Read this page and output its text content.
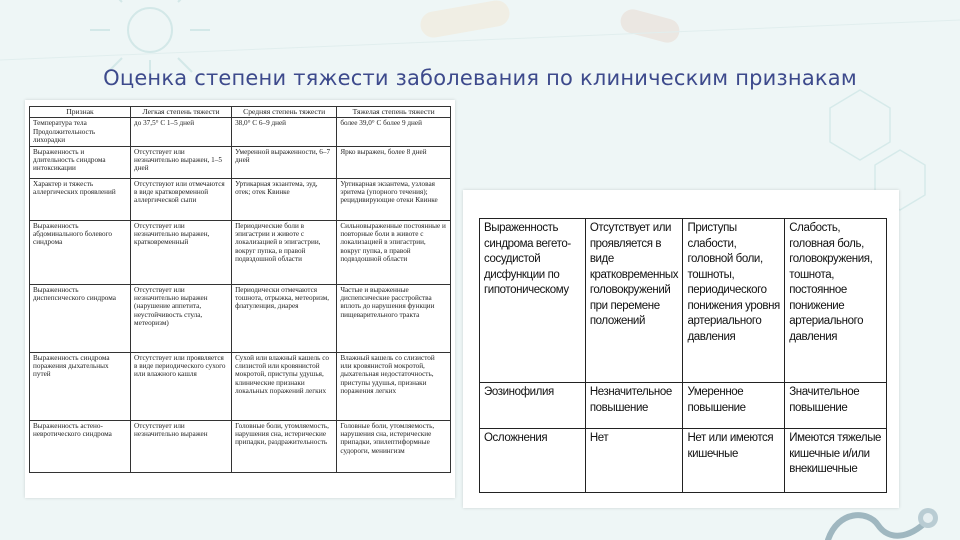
Оценка степени тяжести заболевания по клиническим признакам
Признак	Легкая степень тяжести	Средняя степень тяжести	Тяжелая степень тяжести
Температура тела Продолжительность лихорадки	до 37,5° С 1–5 дней	38,0° С 6–9 дней	более 39,0° С более 9 дней
Выраженность и длительность синдрома интоксикации	Отсутствует или незначительно выражен, 1–5 дней	Умеренной выраженности, 6–7 дней	Ярко выражен, более 8 дней
Характер и тяжесть аллергических проявлений	Отсутствуют или отмечаются в виде кратковременной аллергической сыпи	Уртикарная экзантема, зуд, отек; отек Квинке	Уртикарная экзантема, узловая эритема (упорного течения); рецидивирующие отеки Квинке
Выраженность абдоминального болевого синдрома	Отсутствует или незначительно выражен, кратковременный	Периодические боли в эпигастрии и животе с локализацией в эпигастрии, вокруг пупка, в правой подвздошной области	Сильновыраженные постоянные и повторные боли в животе с локализацией в эпигастрии, вокруг пупка, в правой подвздошной области
Выраженность диспепсического синдрома	Отсутствует или незначительно выражен (нарушение аппетита, неустойчивость стула, метеоризм)	Периодически отмечаются тошнота, отрыжка, метеоризм, флатуленция, диарея	Частые и выраженные диспепсические расстройства вплоть до нарушения функции пищеварительного тракта
Выраженность синдрома поражения дыхательных путей	Отсутствует или проявляется в виде периодического сухого или влажного кашля	Сухой или влажный кашель со слизистой или кровянистой мокротой, приступы удушья, клинические признаки локальных поражений легких	Влажный кашель со слизистой или кровянистой мокротой, дыхательная недостаточность, приступы удушья, признаки поражения легких
Выраженность астено-невротического синдрома	Отсутствует или незначительно выражен	Головные боли, утомляемость, нарушения сна, истерические припадки, раздражительность	Головные боли, утомляемость, нарушения сна, истерические припадки, эпилептиформные судороги, менингизм
Выраженность синдрома вегето-сосудистой дисфункции по гипотоническому	Отсутствует или проявляется в виде кратковременных головокружений при перемене положений	Приступы слабости, головной боли, тошноты, периодического понижения уровня артериального давления	Слабость, головная боль, головокружения, тошнота, постоянное понижение артериального давления
Эозинофилия	Незначительное повышение	Умеренное повышение	Значительное повышение
Осложнения	Нет	Нет или имеются кишечные	Имеются тяжелые кишечные и/или внекишечные
